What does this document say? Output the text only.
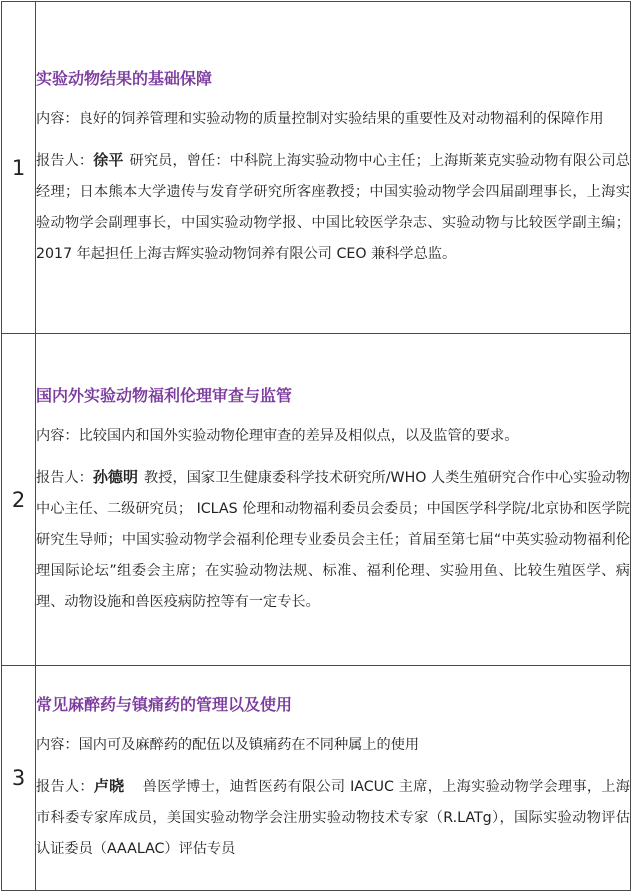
1	实验动物结果的基础保障
内容：良好的饲养管理和实验动物的质量控制对实验结果的重要性及对动物福利的保障作用
报告人：徐平 研究员，曾任：中科院上海实验动物中心主任；上海斯莱克实验动物有限公司总经理；日本熊本大学遗传与发育学研究所客座教授；中国实验动物学会四届副理事长，上海实验动物学会副理事长，中国实验动物学报、中国比较医学杂志、实验动物与比较医学副主编；2017 年起担任上海吉辉实验动物饲养有限公司 CEO 兼科学总监。

2	国内外实验动物福利伦理审查与监管
内容：比较国内和国外实验动物伦理审查的差异及相似点，以及监管的要求。
报告人：孙德明 教授，国家卫生健康委科学技术研究所/WHO 人类生殖研究合作中心实验动物中心主任、二级研究员； ICLAS 伦理和动物福利委员会委员；中国医学科学院/北京协和医学院研究生导师；中国实验动物学会福利伦理专业委员会主任；首届至第七届“中英实验动物福利伦理国际论坛”组委会主席；在实验动物法规、标准、福利伦理、实验用鱼、比较生殖医学、病理、动物设施和兽医疫病防控等有一定专长。

3	常见麻醉药与镇痛药的管理以及使用
内容：国内可及麻醉药的配伍以及镇痛药在不同种属上的使用
报告人：卢晓 兽医学博士，迪哲医药有限公司 IACUC 主席，上海实验动物学会理事，上海市科委专家库成员，美国实验动物学会注册实验动物技术专家（R.LATg），国际实验动物评估认证委员（AAALAC）评估专员
